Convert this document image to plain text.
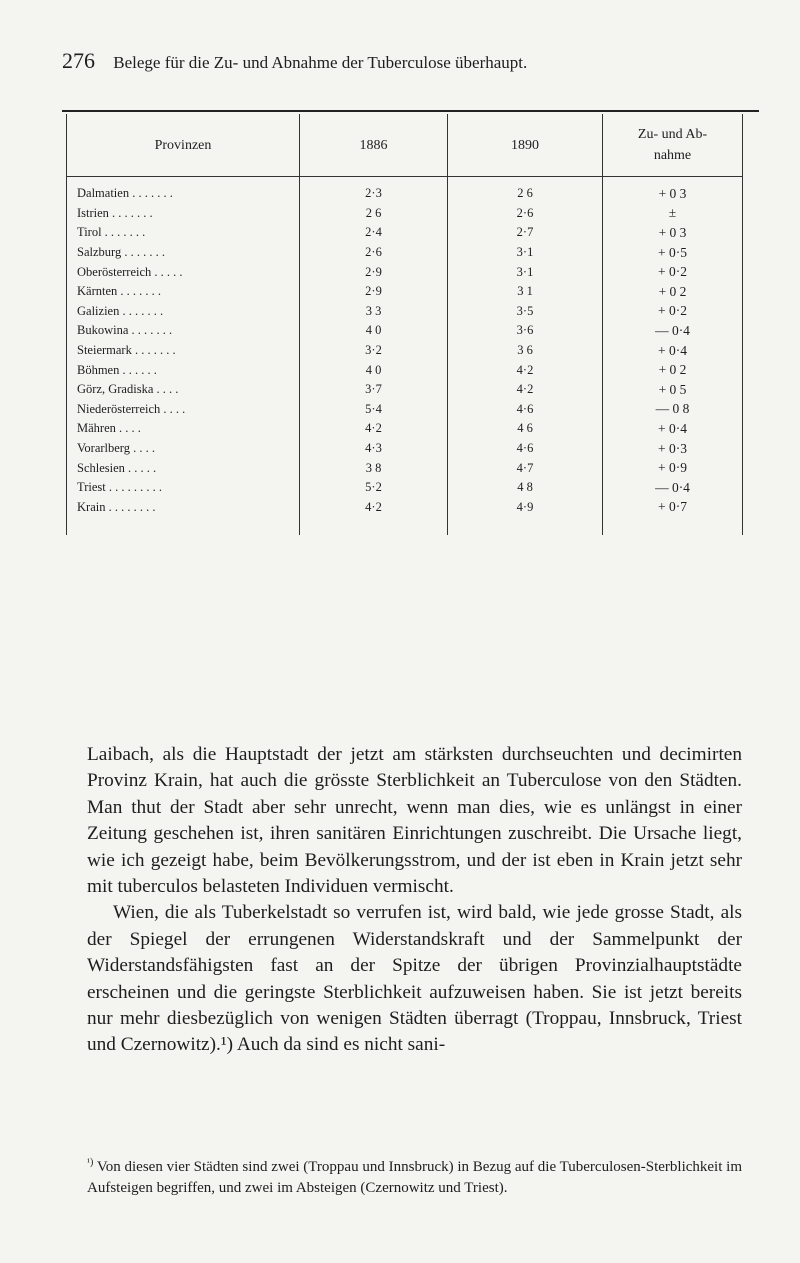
276 Belege für die Zu- und Abnahme der Tuberculose überhaupt.
Provinzen	1886	1890	Zu- und Ab-
nahme
Dalmatien . . . . . . .	2·3	2 6	+ 0 3
Istrien . . . . . . .	2 6	2·6	±
Tirol . . . . . . .	2·4	2·7	+ 0 3
Salzburg . . . . . . .	2·6	3·1	+ 0·5
Oberösterreich . . . . .	2·9	3·1	+ 0·2
Kärnten . . . . . . .	2·9	3 1	+ 0 2
Galizien . . . . . . .	3 3	3·5	+ 0·2
Bukowina . . . . . . .	4 0	3·6	— 0·4
Steiermark . . . . . . .	3·2	3 6	+ 0·4
Böhmen . . . . . .	4 0	4·2	+ 0 2
Görz, Gradiska . . . .	3·7	4·2	+ 0 5
Niederösterreich . . . .	5·4	4·6	— 0 8
Mähren . . . .	4·2	4 6	+ 0·4
Vorarlberg . . . .	4·3	4·6	+ 0·3
Schlesien . . . . .	3 8	4·7	+ 0·9
Triest . . . . . . . . .	5·2	4 8	— 0·4
Krain . . . . . . . .	4·2	4·9	+ 0·7

Laibach, als die Hauptstadt der jetzt am stärksten durchseuchten und decimirten Provinz Krain, hat auch die grösste Sterblichkeit an Tuberculose von den Städten. Man thut der Stadt aber sehr unrecht, wenn man dies, wie es unlängst in einer Zeitung geschehen ist, ihren sanitären Einrichtungen zuschreibt. Die Ursache liegt, wie ich gezeigt habe, beim Bevölkerungsstrom, und der ist eben in Krain jetzt sehr mit tuberculos belasteten Individuen vermischt.

Wien, die als Tuberkelstadt so verrufen ist, wird bald, wie jede grosse Stadt, als der Spiegel der errungenen Widerstandskraft und der Sammelpunkt der Widerstandsfähigsten fast an der Spitze der übrigen Provinzialhauptstädte erscheinen und die geringste Sterblichkeit aufzuweisen haben. Sie ist jetzt bereits nur mehr diesbezüglich von wenigen Städten überragt (Troppau, Innsbruck, Triest und Czernowitz).¹) Auch da sind es nicht sani-

$^{^1)}$ Von diesen vier Städten sind zwei (Troppau und Innsbruck) in Bezug auf die Tuberculosen-Sterblichkeit im Aufsteigen begriffen, und zwei im Absteigen (Czernowitz und Triest).
